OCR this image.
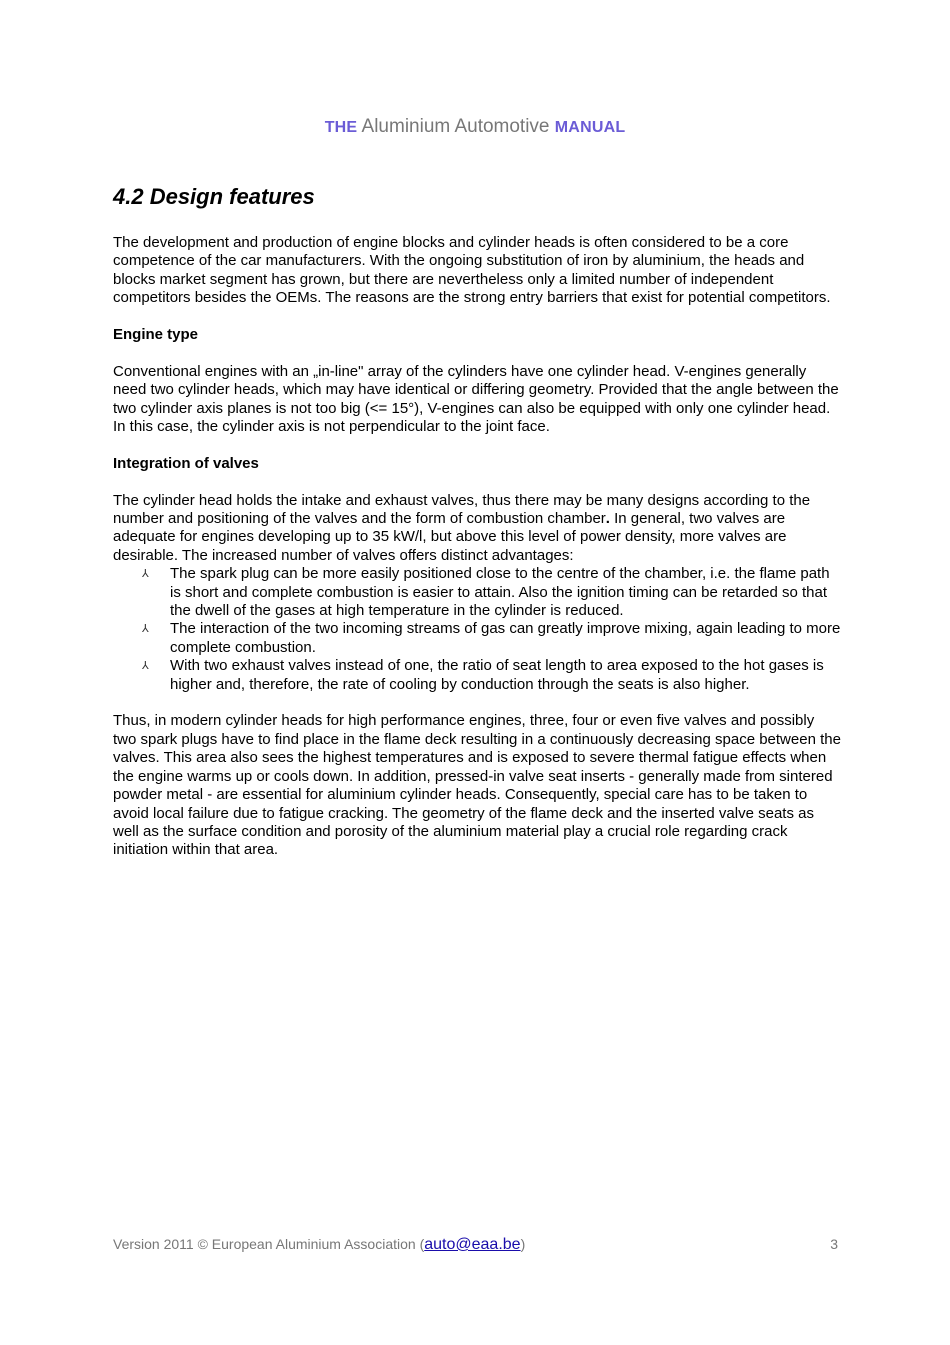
THE Aluminium Automotive MANUAL
4.2 Design features

The development and production of engine blocks and cylinder heads is often considered to be a core competence of the car manufacturers. With the ongoing substitution of iron by aluminium, the heads and blocks market segment has grown, but there are nevertheless only a limited number of independent competitors besides the OEMs. The reasons are the strong entry barriers that exist for potential competitors.

Engine type

Conventional engines with an „in-line" array of the cylinders have one cylinder head. V-engines generally need two cylinder heads, which may have identical or differing geometry. Provided that the angle between the two cylinder axis planes is not too big (<= 15°), V-engines can also be equipped with only one cylinder head. In this case, the cylinder axis is not perpendicular to the joint face.

Integration of valves

The cylinder head holds the intake and exhaust valves, thus there may be many designs according to the number and positioning of the valves and the form of combustion chamber. In general, two valves are adequate for engines developing up to 35 kW/l, but above this level of power density, more valves are desirable. The increased number of valves offers distinct advantages:

⅄ The spark plug can be more easily positioned close to the centre of the chamber, i.e. the flame path is short and complete combustion is easier to attain. Also the ignition timing can be retarded so that the dwell of the gases at high temperature in the cylinder is reduced.
⅄ The interaction of the two incoming streams of gas can greatly improve mixing, again leading to more complete combustion.
⅄ With two exhaust valves instead of one, the ratio of seat length to area exposed to the hot gases is higher and, therefore, the rate of cooling by conduction through the seats is also higher.

Thus, in modern cylinder heads for high performance engines, three, four or even five valves and possibly two spark plugs have to find place in the flame deck resulting in a continuously decreasing space between the valves. This area also sees the highest temperatures and is exposed to severe thermal fatigue effects when the engine warms up or cools down. In addition, pressed-in valve seat inserts - generally made from sintered powder metal - are essential for aluminium cylinder heads. Consequently, special care has to be taken to avoid local failure due to fatigue cracking. The geometry of the flame deck and the inserted valve seats as well as the surface condition and porosity of the aluminium material play a crucial role regarding crack initiation within that area.

Version 2011 © European Aluminium Association (auto@eaa.be)	3
